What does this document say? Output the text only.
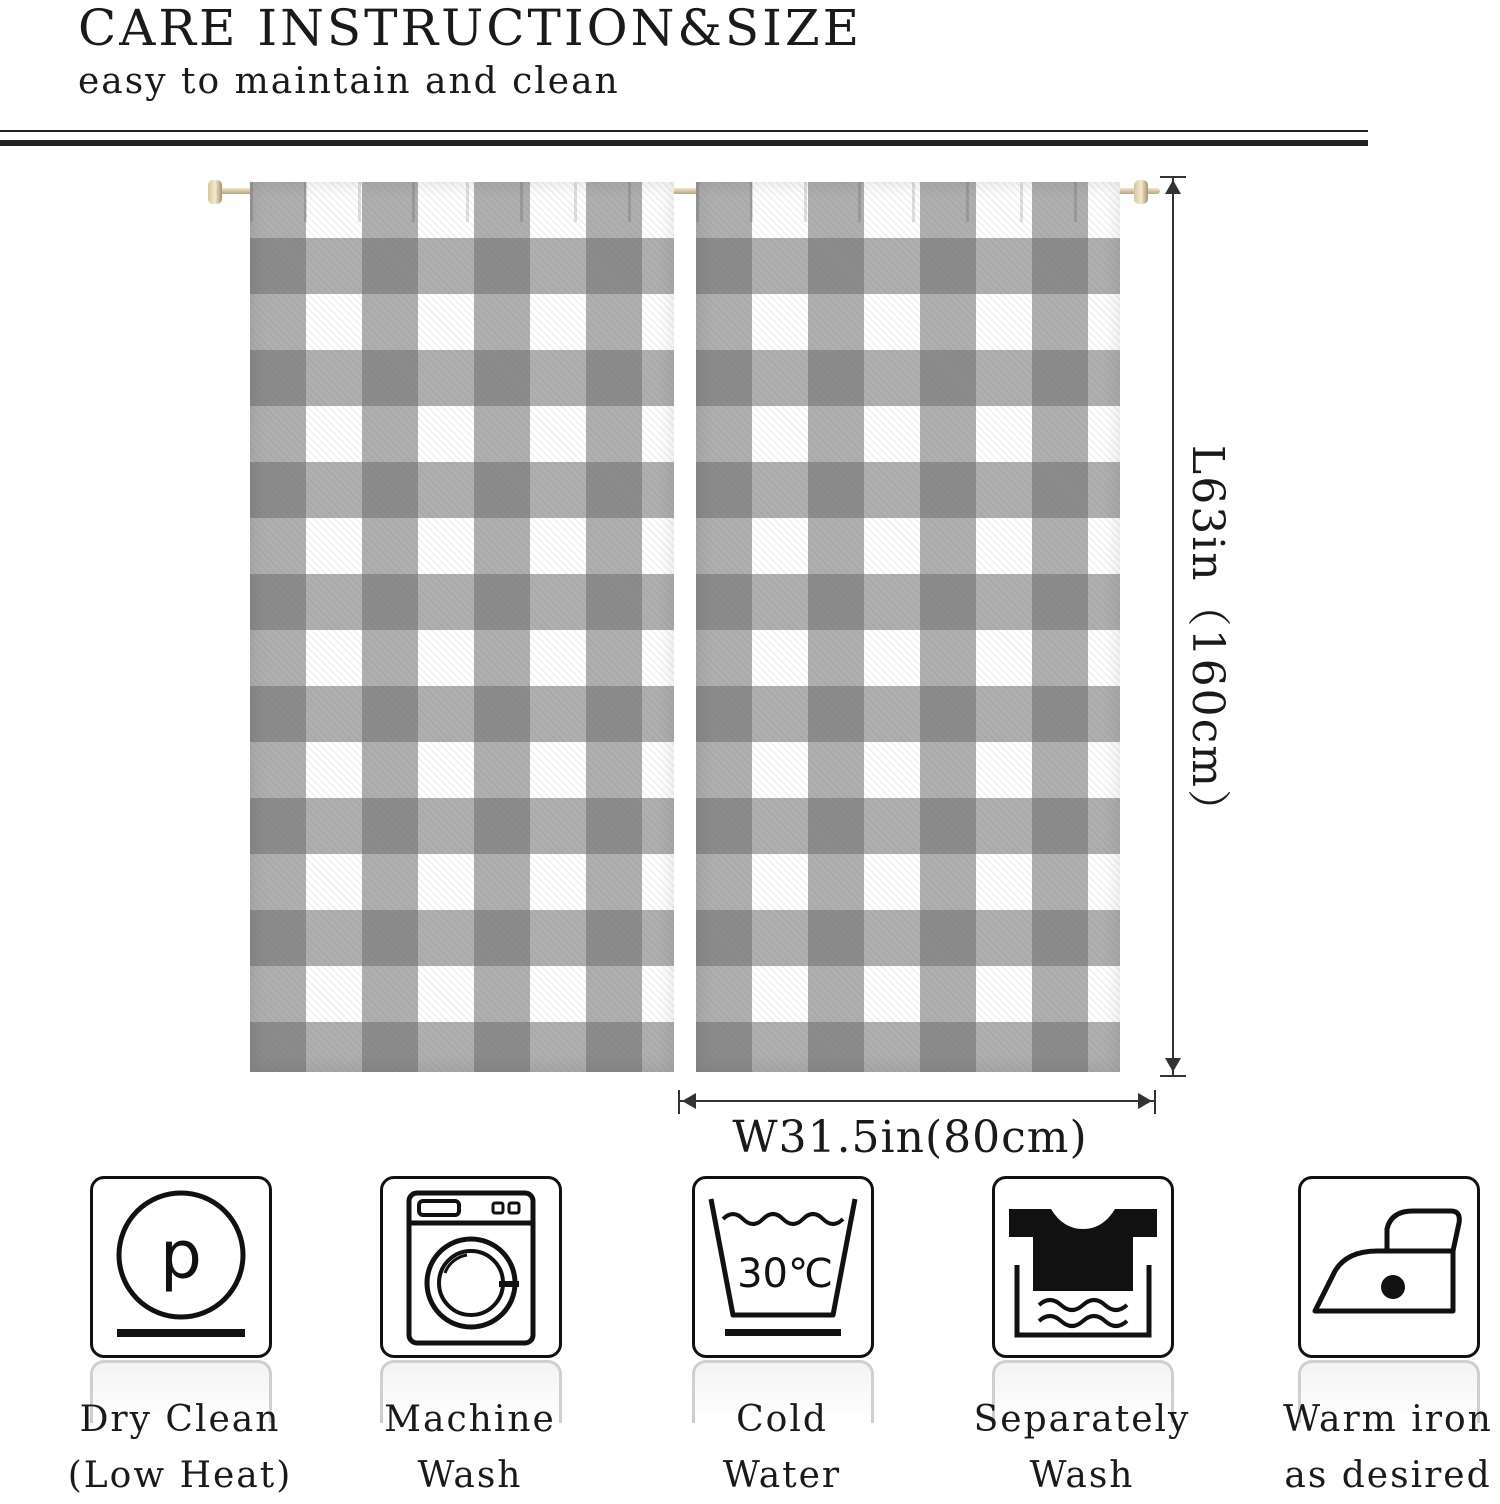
CARE INSTRUCTION&SIZE
easy to maintain and clean
L63in（160cm）
W31.5in(80cm)
p
Dry Clean
(Low Heat)
Machine
Wash
30℃
Cold
Water
Separately
Wash
Warm iron
as desired
